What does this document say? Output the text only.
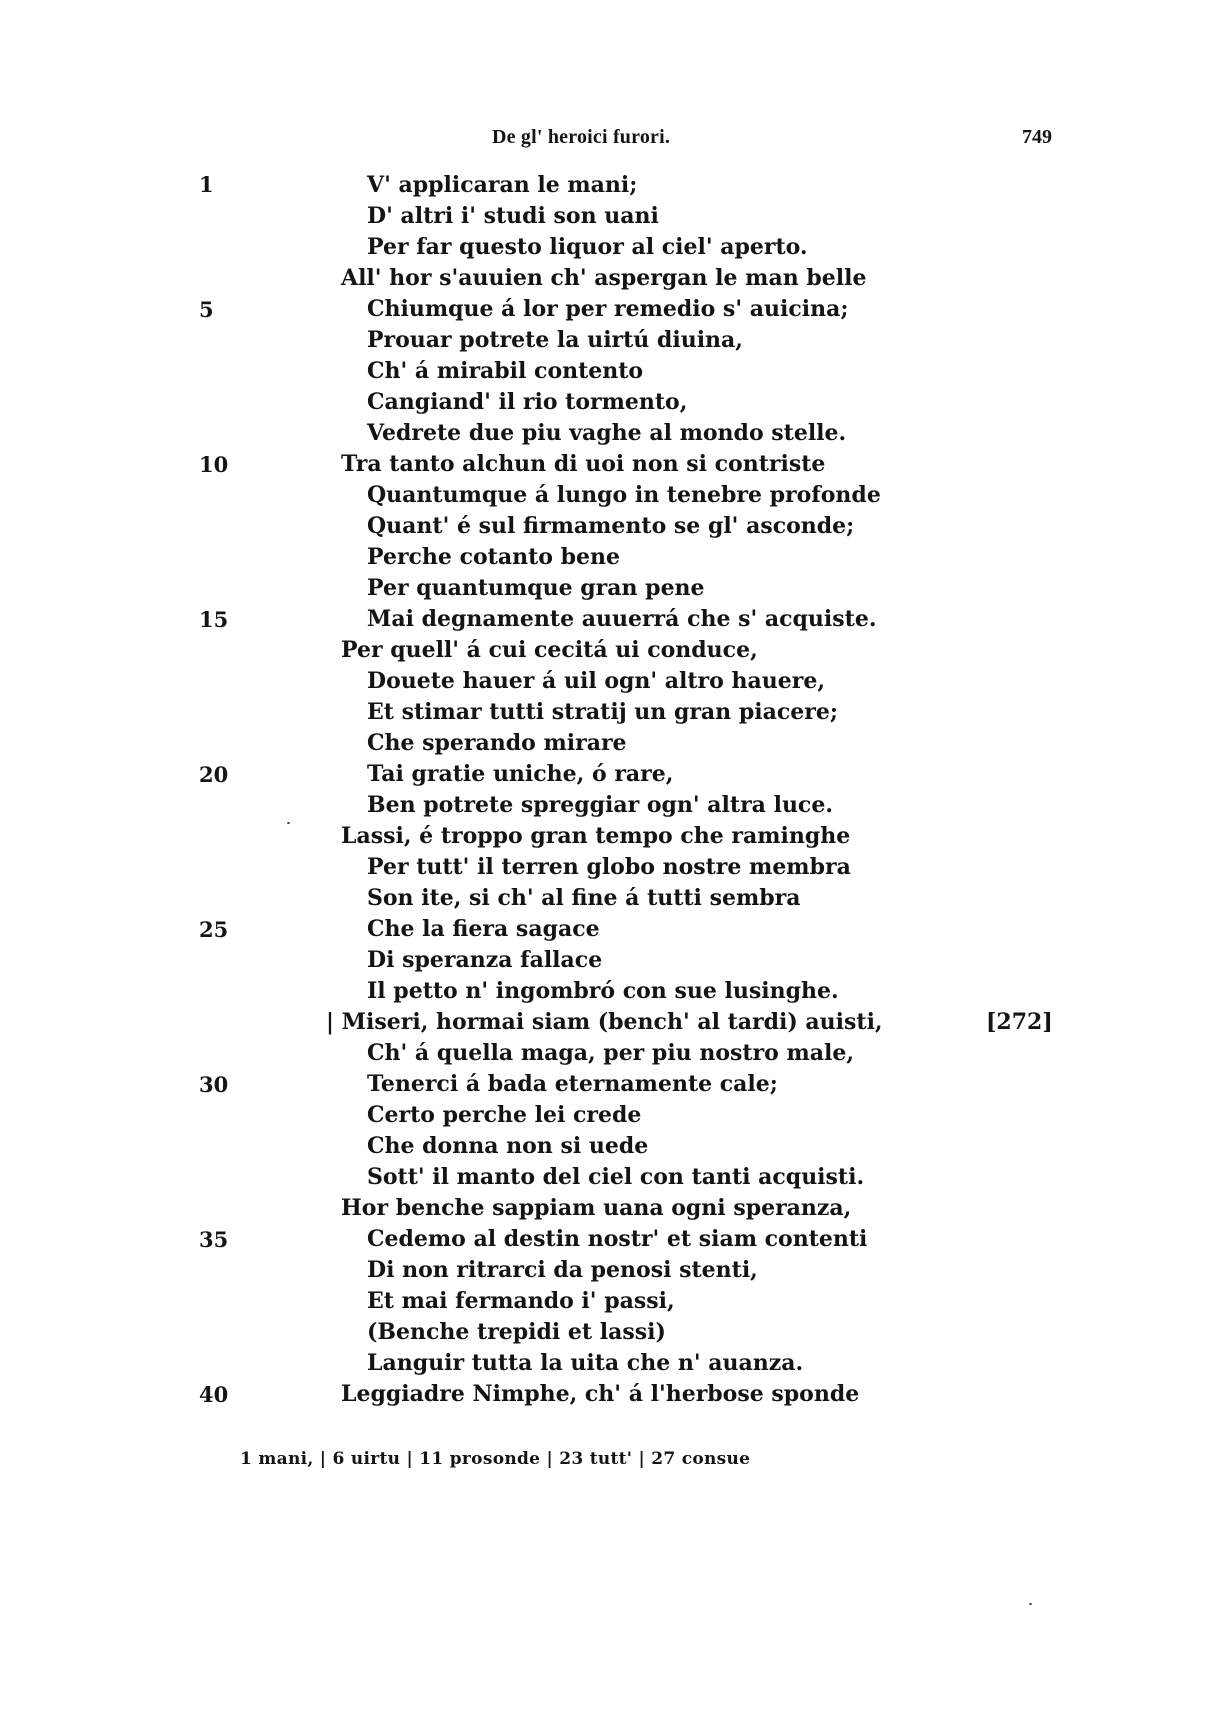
De gl' heroici furori.	749
1
5
10
15
20
25
30
35
40
V' applicaran le mani;
D' altri i' studi son uani
Per far questo liquor al ciel' aperto.
All' hor s'auuien ch' aspergan le man belle
Chiumque á lor per remedio s' auicina;
Prouar potrete la uirtú diuina,
Ch' á mirabil contento
Cangiand' il rio tormento,
Vedrete due piu vaghe al mondo stelle.
Tra tanto alchun di uoi non si contriste
Quantumque á lungo in tenebre profonde
Quant' é sul firmamento se gl' asconde;
Perche cotanto bene
Per quantumque gran pene
Mai degnamente auuerrá che s' acquiste.
Per quell' á cui cecitá ui conduce,
Douete hauer á uil ogn' altro hauere,
Et stimar tutti stratij un gran piacere;
Che sperando mirare
Tai gratie uniche, ó rare,
Ben potrete spreggiar ogn' altra luce.
Lassi, é troppo gran tempo che raminghe
Per tutt' il terren globo nostre membra
Son ite, si ch' al fine á tutti sembra
Che la fiera sagace
Di speranza fallace
Il petto n' ingombró con sue lusinghe.
| Miseri, hormai siam (bench' al tardi) auisti,
Ch' á quella maga, per piu nostro male,
Tenerci á bada eternamente cale;
Certo perche lei crede
Che donna non si uede
Sott' il manto del ciel con tanti acquisti.
Hor benche sappiam uana ogni speranza,
Cedemo al destin nostr' et siam contenti
Di non ritrarci da penosi stenti,
Et mai fermando i' passi,
(Benche trepidi et lassi)
Languir tutta la uita che n' auanza.
Leggiadre Nimphe, ch' á l'herbose sponde
[272]
1 mani, | 6 uirtu | 11 prosonde | 23 tutt' | 27 consue
